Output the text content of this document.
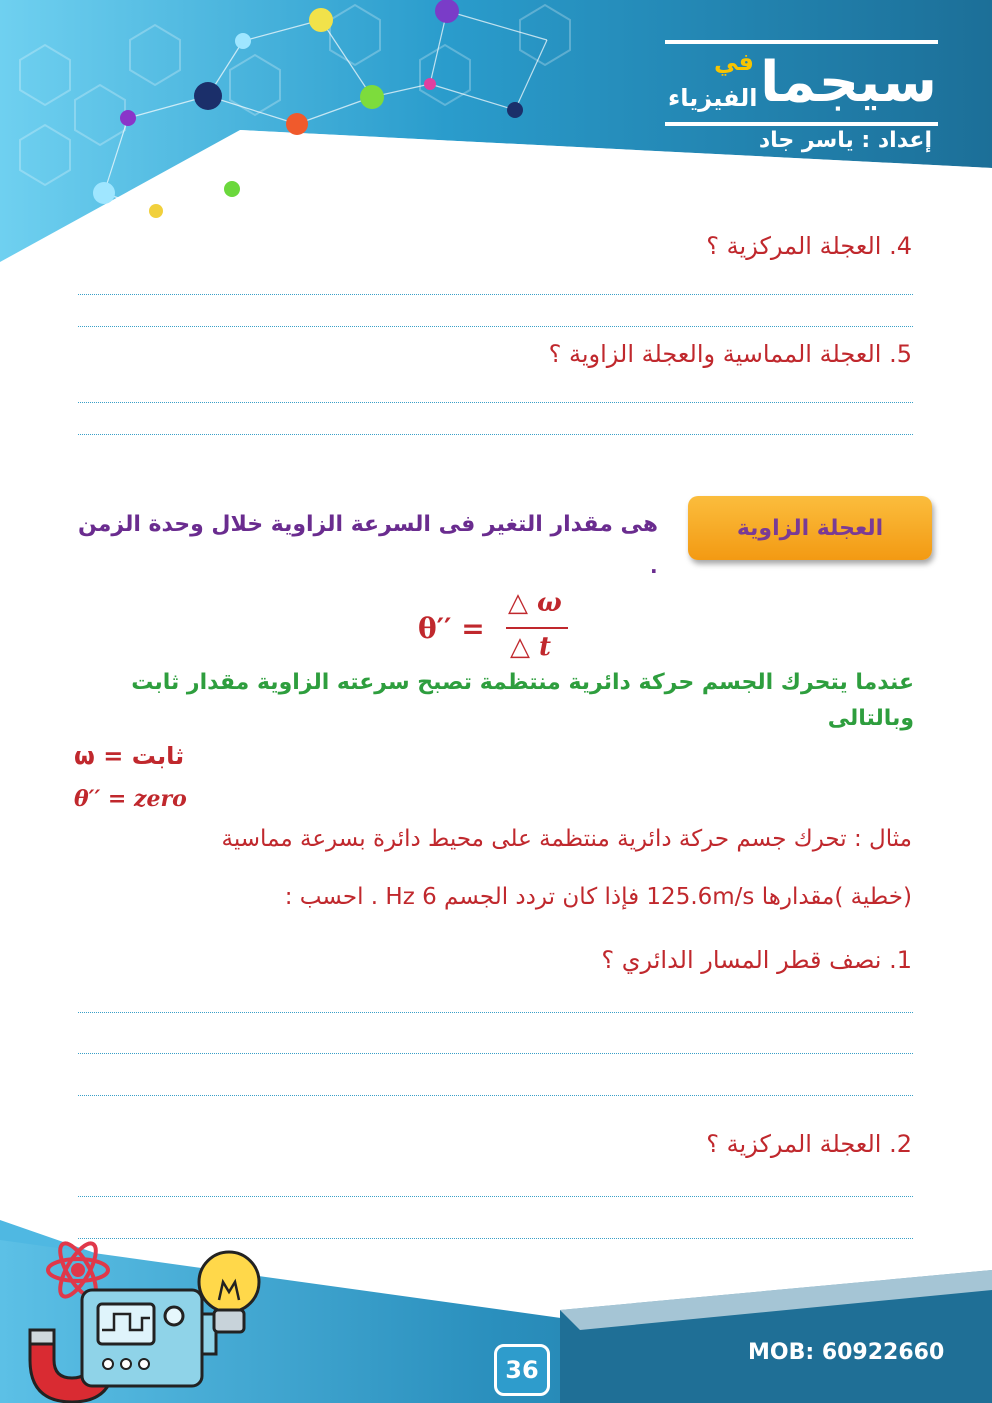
سيجما
في
الفيزياء
إعداد : ياسر جاد
4. العجلة المركزية ؟
5. العجلة المماسية والعجلة الزاوية ؟
العجلة الزاوية
هى مقدار التغير فى السرعة الزاوية خلال وحدة الزمن
.
θ′′ =
△ ω
△ t
عندما يتحرك الجسم حركة دائرية منتظمة تصبح سرعته الزاوية مقدار ثابت
وبالتالى
ω = ثابت
θ′′ = zero
مثال : تحرك جسم حركة دائرية منتظمة على محيط دائرة بسرعة مماسية
(خطية )مقدارها 125.6m/s فإذا كان تردد الجسم 6 Hz . احسب :
1. نصف قطر المسار الدائري ؟
2. العجلة المركزية ؟
MOB: 60922660
36
